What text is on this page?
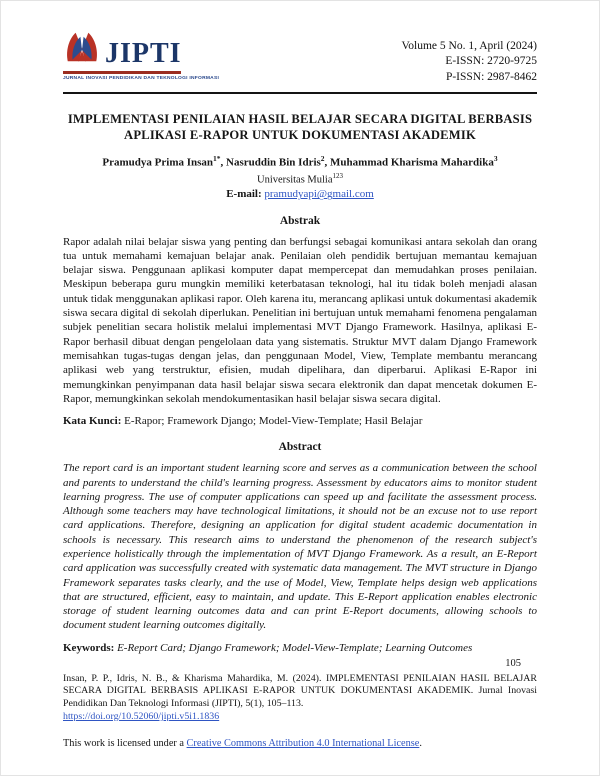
JIPTI
JURNAL INOVASI PENDIDIKAN DAN TEKNOLOGI INFORMASI
Volume 5 No. 1, April (2024)
E-ISSN: 2720-9725
P-ISSN: 2987-8462
IMPLEMENTASI PENILAIAN HASIL BELAJAR SECARA DIGITAL BERBASIS APLIKASI E-RAPOR UNTUK DOKUMENTASI AKADEMIK

Pramudya Prima Insan$^{1*}$, Nasruddin Bin Idris$^2$, Muhammad Kharisma Mahardika$^3$

Universitas Mulia$^{123}$

E-mail: pramudyapi@gmail.com

Abstrak

Rapor adalah nilai belajar siswa yang penting dan berfungsi sebagai komunikasi antara sekolah dan orang tua untuk memahami kemajuan belajar anak. Penilaian oleh pendidik bertujuan memantau kemajuan belajar siswa. Penggunaan aplikasi komputer dapat mempercepat dan memudahkan proses penilaian. Meskipun beberapa guru mungkin memiliki keterbatasan teknologi, hal itu tidak boleh menjadi alasan untuk tidak menggunakan aplikasi rapor. Oleh karena itu, merancang aplikasi untuk dokumentasi akademik siswa secara digital di sekolah diperlukan. Penelitian ini bertujuan untuk memahami fenomena pengalaman subjek penelitian secara holistik melalui implementasi MVT Django Framework. Hasilnya, aplikasi E-Rapor berhasil dibuat dengan pengelolaan data yang sistematis. Struktur MVT dalam Django Framework memisahkan tugas-tugas dengan jelas, dan penggunaan Model, View, Template membantu merancang aplikasi web yang terstruktur, efisien, mudah dipelihara, dan diperbarui. Aplikasi E-Rapor ini memungkinkan penyimpanan data hasil belajar siswa secara elektronik dan dapat mencetak dokumen E-Rapor, memungkinkan sekolah mendokumentasikan hasil belajar siswa secara digital.

Kata Kunci: E-Rapor; Framework Django; Model-View-Template; Hasil Belajar

Abstract

The report card is an important student learning score and serves as a communication between the school and parents to understand the child's learning progress. Assessment by educators aims to monitor student learning progress. The use of computer applications can speed up and facilitate the assessment process. Although some teachers may have technological limitations, it should not be an excuse not to use report card applications. Therefore, designing an application for digital student academic documentation in schools is necessary. This research aims to understand the phenomenon of the research subject's experience holistically through the implementation of MVT Django Framework. As a result, an E-Report card application was successfully created with systematic data management. The MVT structure in Django Framework separates tasks clearly, and the use of Model, View, Template helps design web applications that are structured, efficient, easy to maintain, and update. This E-Report application enables electronic storage of student learning outcomes data and can print E-Report documents, allowing schools to document student learning outcomes digitally.

Keywords: E-Report Card; Django Framework; Model-View-Template; Learning Outcomes

105

Insan, P. P., Idris, N. B., & Kharisma Mahardika, M. (2024). IMPLEMENTASI PENILAIAN HASIL BELAJAR SECARA DIGITAL BERBASIS APLIKASI E-RAPOR UNTUK DOKUMENTASI AKADEMIK. Jurnal Inovasi Pendidikan Dan Teknologi Informasi (JIPTI), 5(1), 105–113.
https://doi.org/10.52060/jipti.v5i1.1836

This work is licensed under a Creative Commons Attribution 4.0 International License.
